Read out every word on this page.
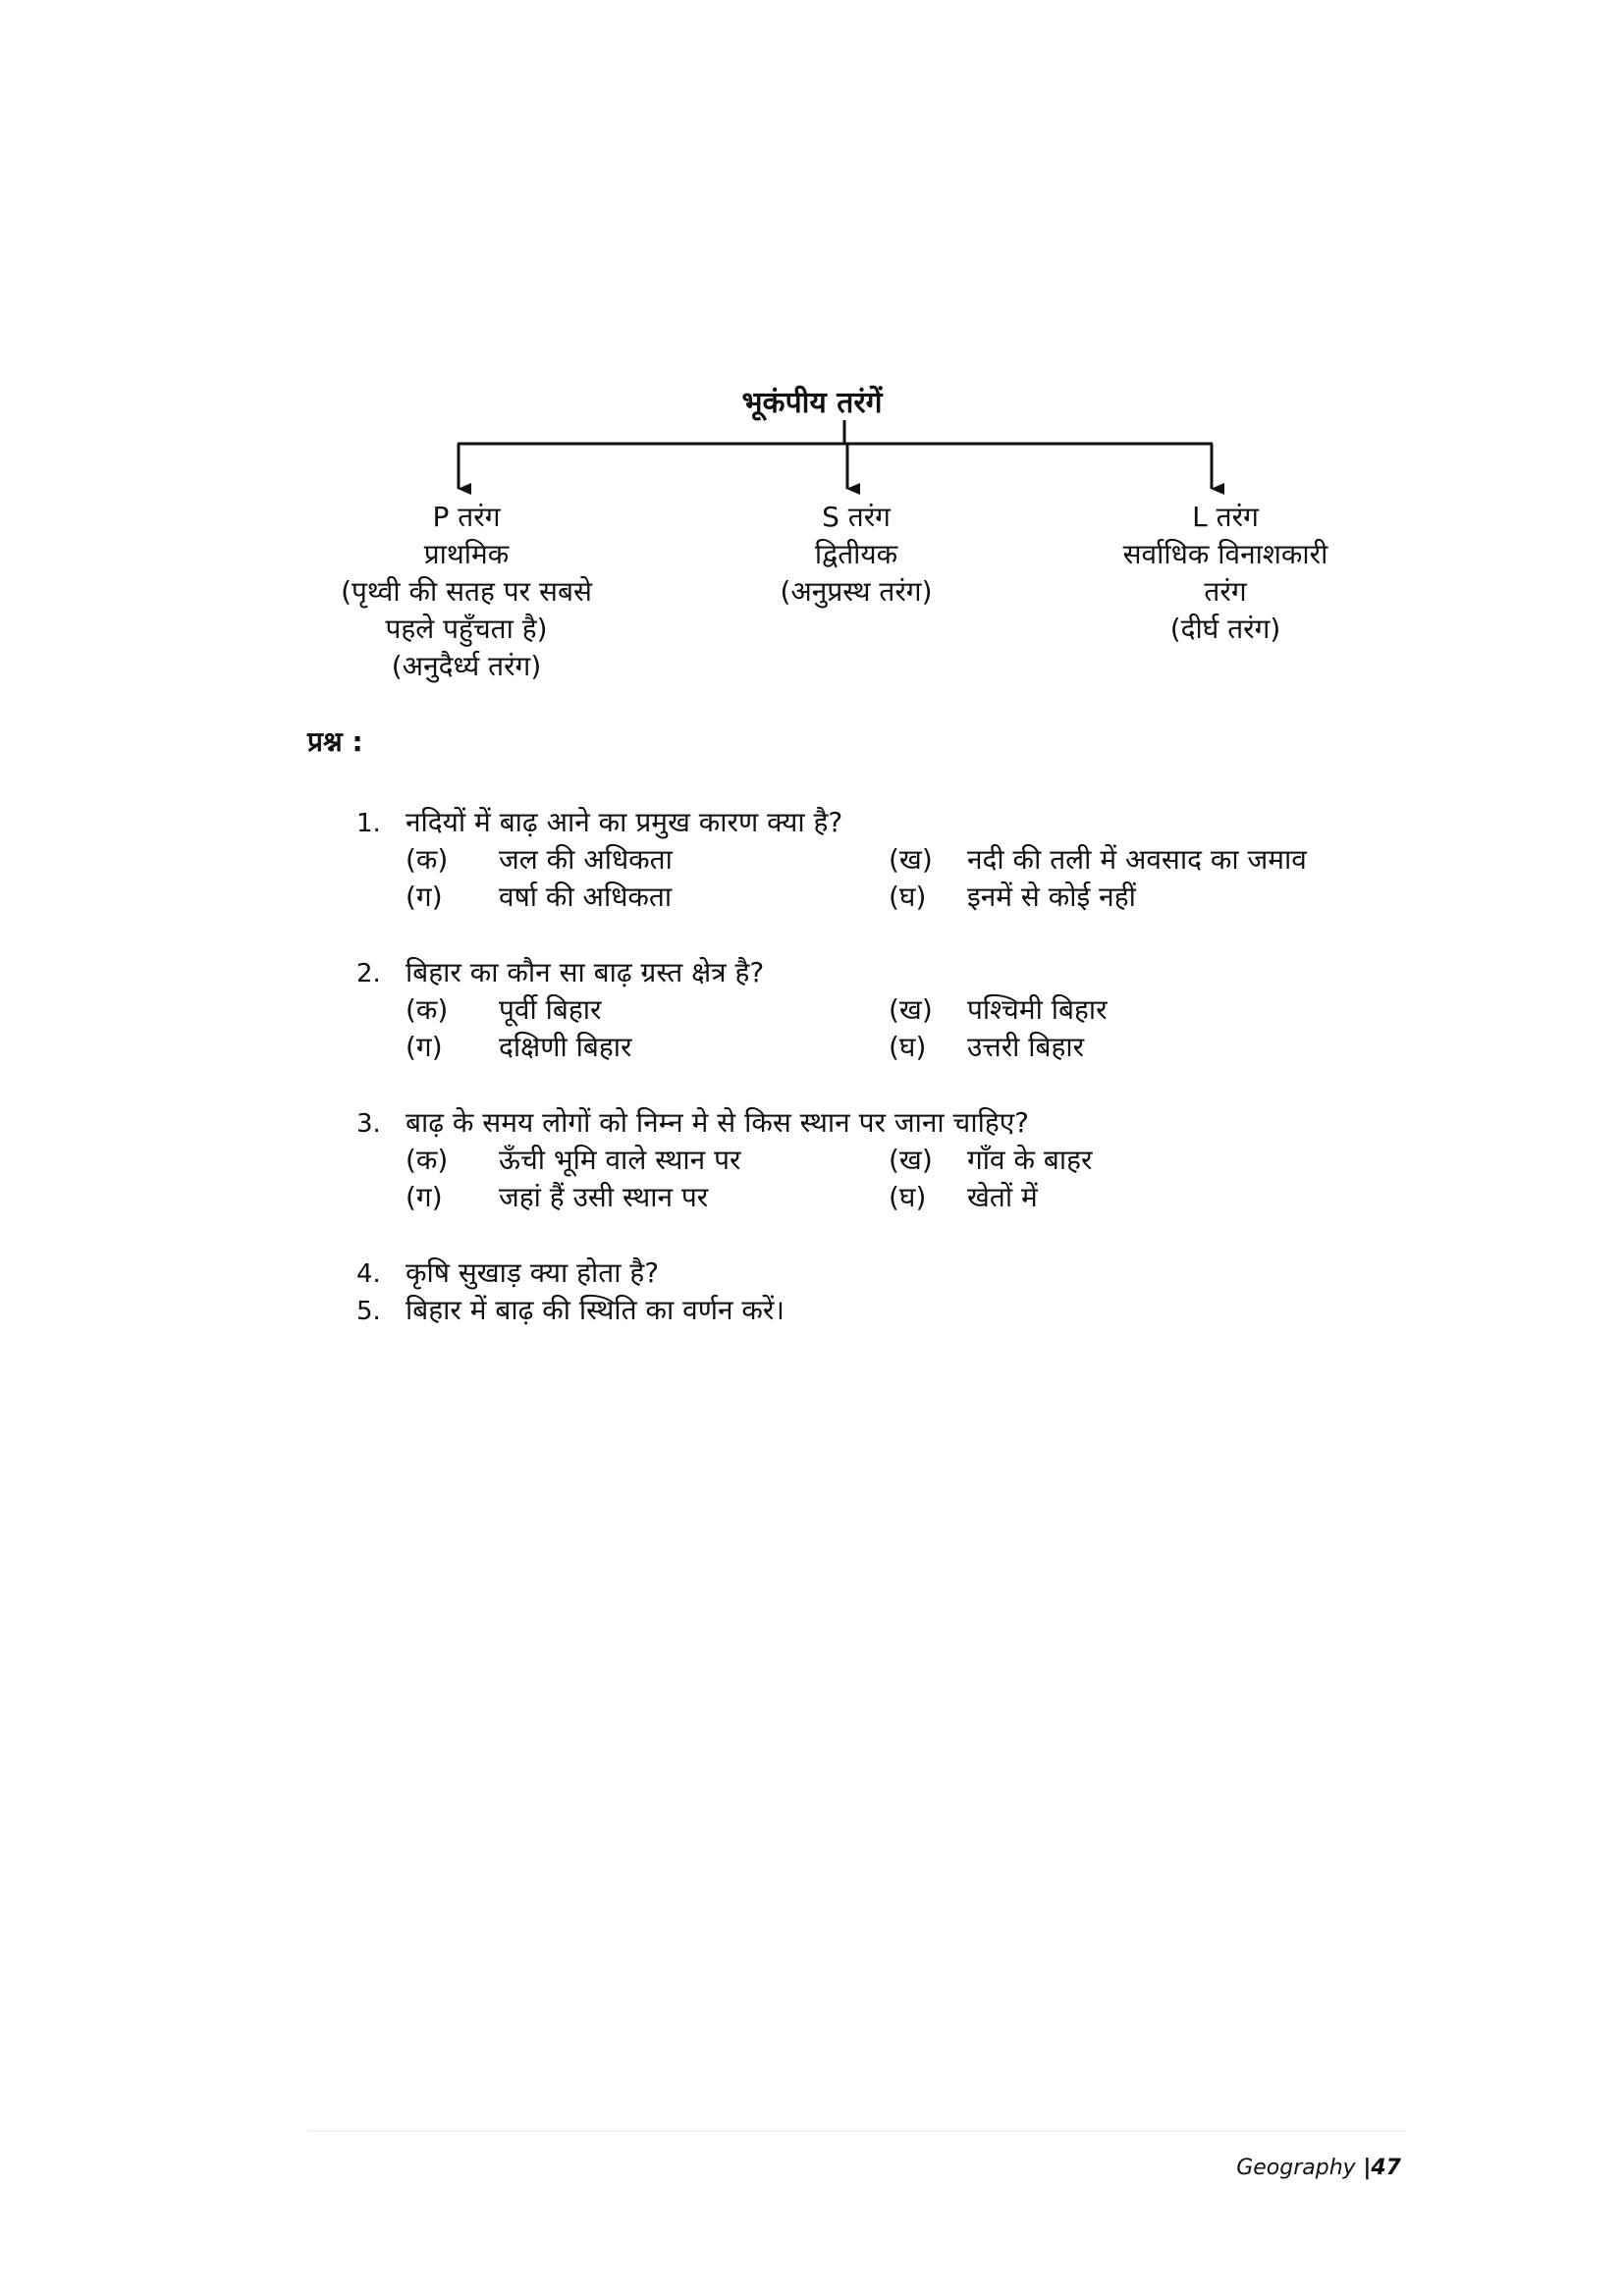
भूकंपीय तरंगें
P तरंग
प्राथमिक
(पृथ्वी की सतह पर सबसे
पहले पहुँचता है)
(अनुदैर्ध्य तरंग)
S तरंग
द्वितीयक
(अनुप्रस्थ तरंग)
L तरंग
सर्वाधिक विनाशकारी
तरंग
(दीर्घ तरंग)
प्रश्न :
1. नदियों में बाढ़ आने का प्रमुख कारण क्या है?
(क) जल की अधिकता	(ख) नदी की तली में अवसाद का जमाव
(ग) वर्षा की अधिकता	(घ) इनमें से कोई नहीं
2. बिहार का कौन सा बाढ़ ग्रस्त क्षेत्र है?
(क) पूर्वी बिहार	(ख) पश्चिमी बिहार
(ग) दक्षिणी बिहार	(घ) उत्तरी बिहार
3. बाढ़ के समय लोगों को निम्न मे से किस स्थान पर जाना चाहिए?
(क) ऊँची भूमि वाले स्थान पर	(ख) गाँव के बाहर
(ग) जहां हैं उसी स्थान पर	(घ) खेतों में
4. कृषि सुखाड़ क्या होता है?
5. बिहार में बाढ़ की स्थिति का वर्णन करें।
Geography |47
